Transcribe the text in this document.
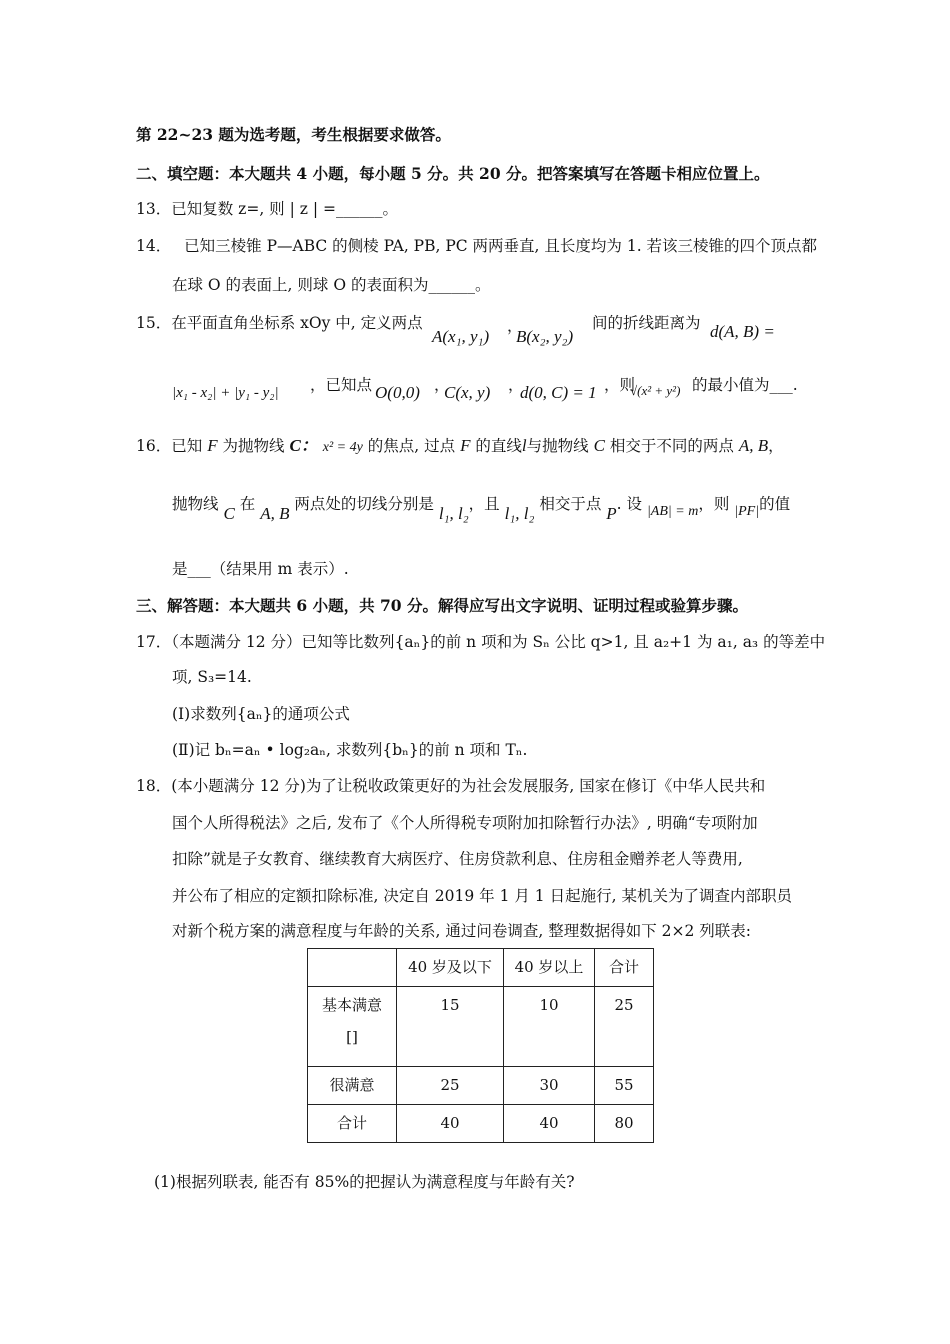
第 22~23 题为选考题，考生根据要求做答。
二、填空题：本大题共 4 小题，每小题 5 分。共 20 分。把答案填写在答题卡相应位置上。
13．已知复数 z=, 则 | z | =______。
14． 已知三棱锥 P—ABC 的侧棱 PA, PB, PC 两两垂直, 且长度均为 1. 若该三棱锥的四个顶点都
在球 O 的表面上, 则球 O 的表面积为______。
15．在平面直角坐标系 xOy 中, 定义两点
A(x₁, y₁)
，
B(x₂, y₂)
间的折线距离为 d(A, B) =
|x₁ - x₂| + |y₁ - y₂| ，已知点 O(0,0) ，
C(x, y) ，
d(0, C) = 1 ，则
√(x² + y²) 的最小值为___.
16．已知 F 为抛物线 C： x² = 4y 的焦点, 过点 F 的直线l与抛物线 C 相交于不同的两点 A, B，
抛物线 C 在 A, B 两点处的切线分别是 l₁, l₂，且 l₁, l₂ 相交于点 P. 设 |AB| = m，则 |PF|的值
是___（结果用 m 表示）.
三、解答题：本大题共 6 小题，共 70 分。解得应写出文字说明、证明过程或验算步骤。
17．（本题满分 12 分）已知等比数列{aₙ}的前 n 项和为 Sₙ 公比 q>1, 且 a₂+1 为 a₁, a₃ 的等差中
项, S₃=14.
(I)求数列{aₙ}的通项公式
(Ⅱ)记 bₙ=aₙ • log₂aₙ, 求数列{bₙ}的前 n 项和 Tₙ.
18．(本小题满分 12 分)为了让税收政策更好的为社会发展服务, 国家在修订《中华人民共和
国个人所得税法》之后, 发布了《个人所得税专项附加扣除暂行办法》, 明确“专项附加
扣除”就是子女教育、继续教育大病医疗、住房贷款利息、住房租金赠养老人等费用,
并公布了相应的定额扣除标准, 决定自 2019 年 1 月 1 日起施行, 某机关为了调查内部职员
对新个税方案的满意程度与年龄的关系, 通过问卷调查, 整理数据得如下 2×2 列联表:
	40 岁及以下	40 岁以上	合计

基本满意
[]	15	10	25
很满意	25	30	55
合计	40	40	80
(1)根据列联表, 能否有 85%的把握认为满意程度与年龄有关?
